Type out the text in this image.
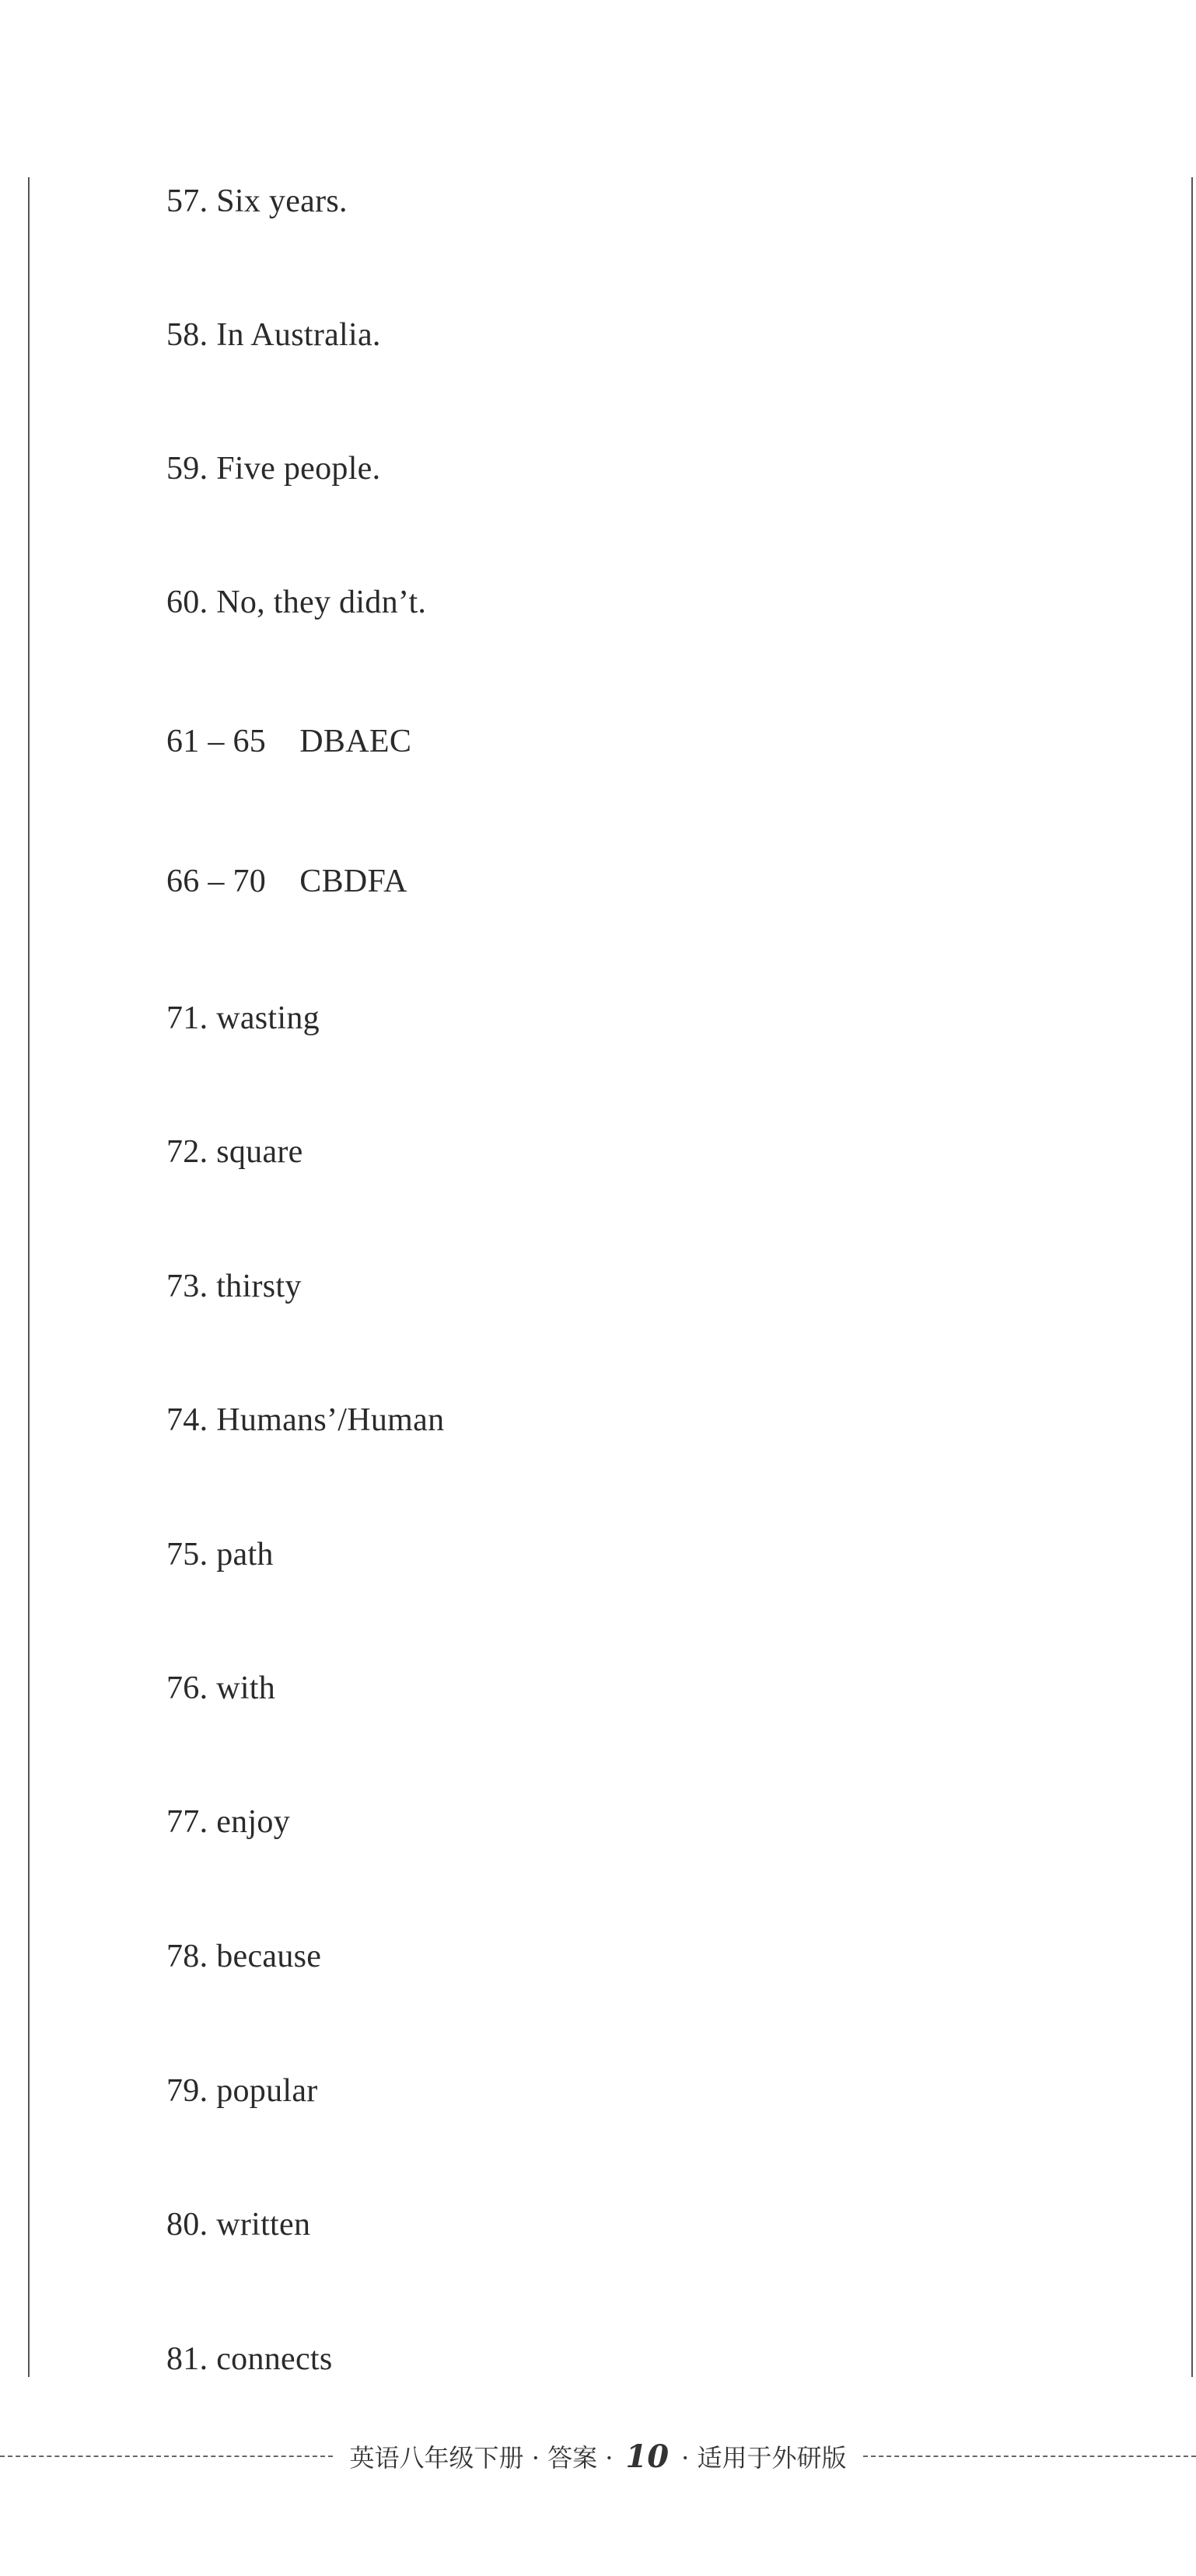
57. Six years.
58. In Australia.
59. Five people.
60. No, they didn’t.
61 – 65    DBAEC
66 – 70    CBDFA
71. wasting
72. square
73. thirsty
74. Humans’/Human
75. path
76. with
77. enjoy
78. because
79. popular
80. written
81. connects
英语八年级下册 · 答案 · 10 · 适用于外研版
